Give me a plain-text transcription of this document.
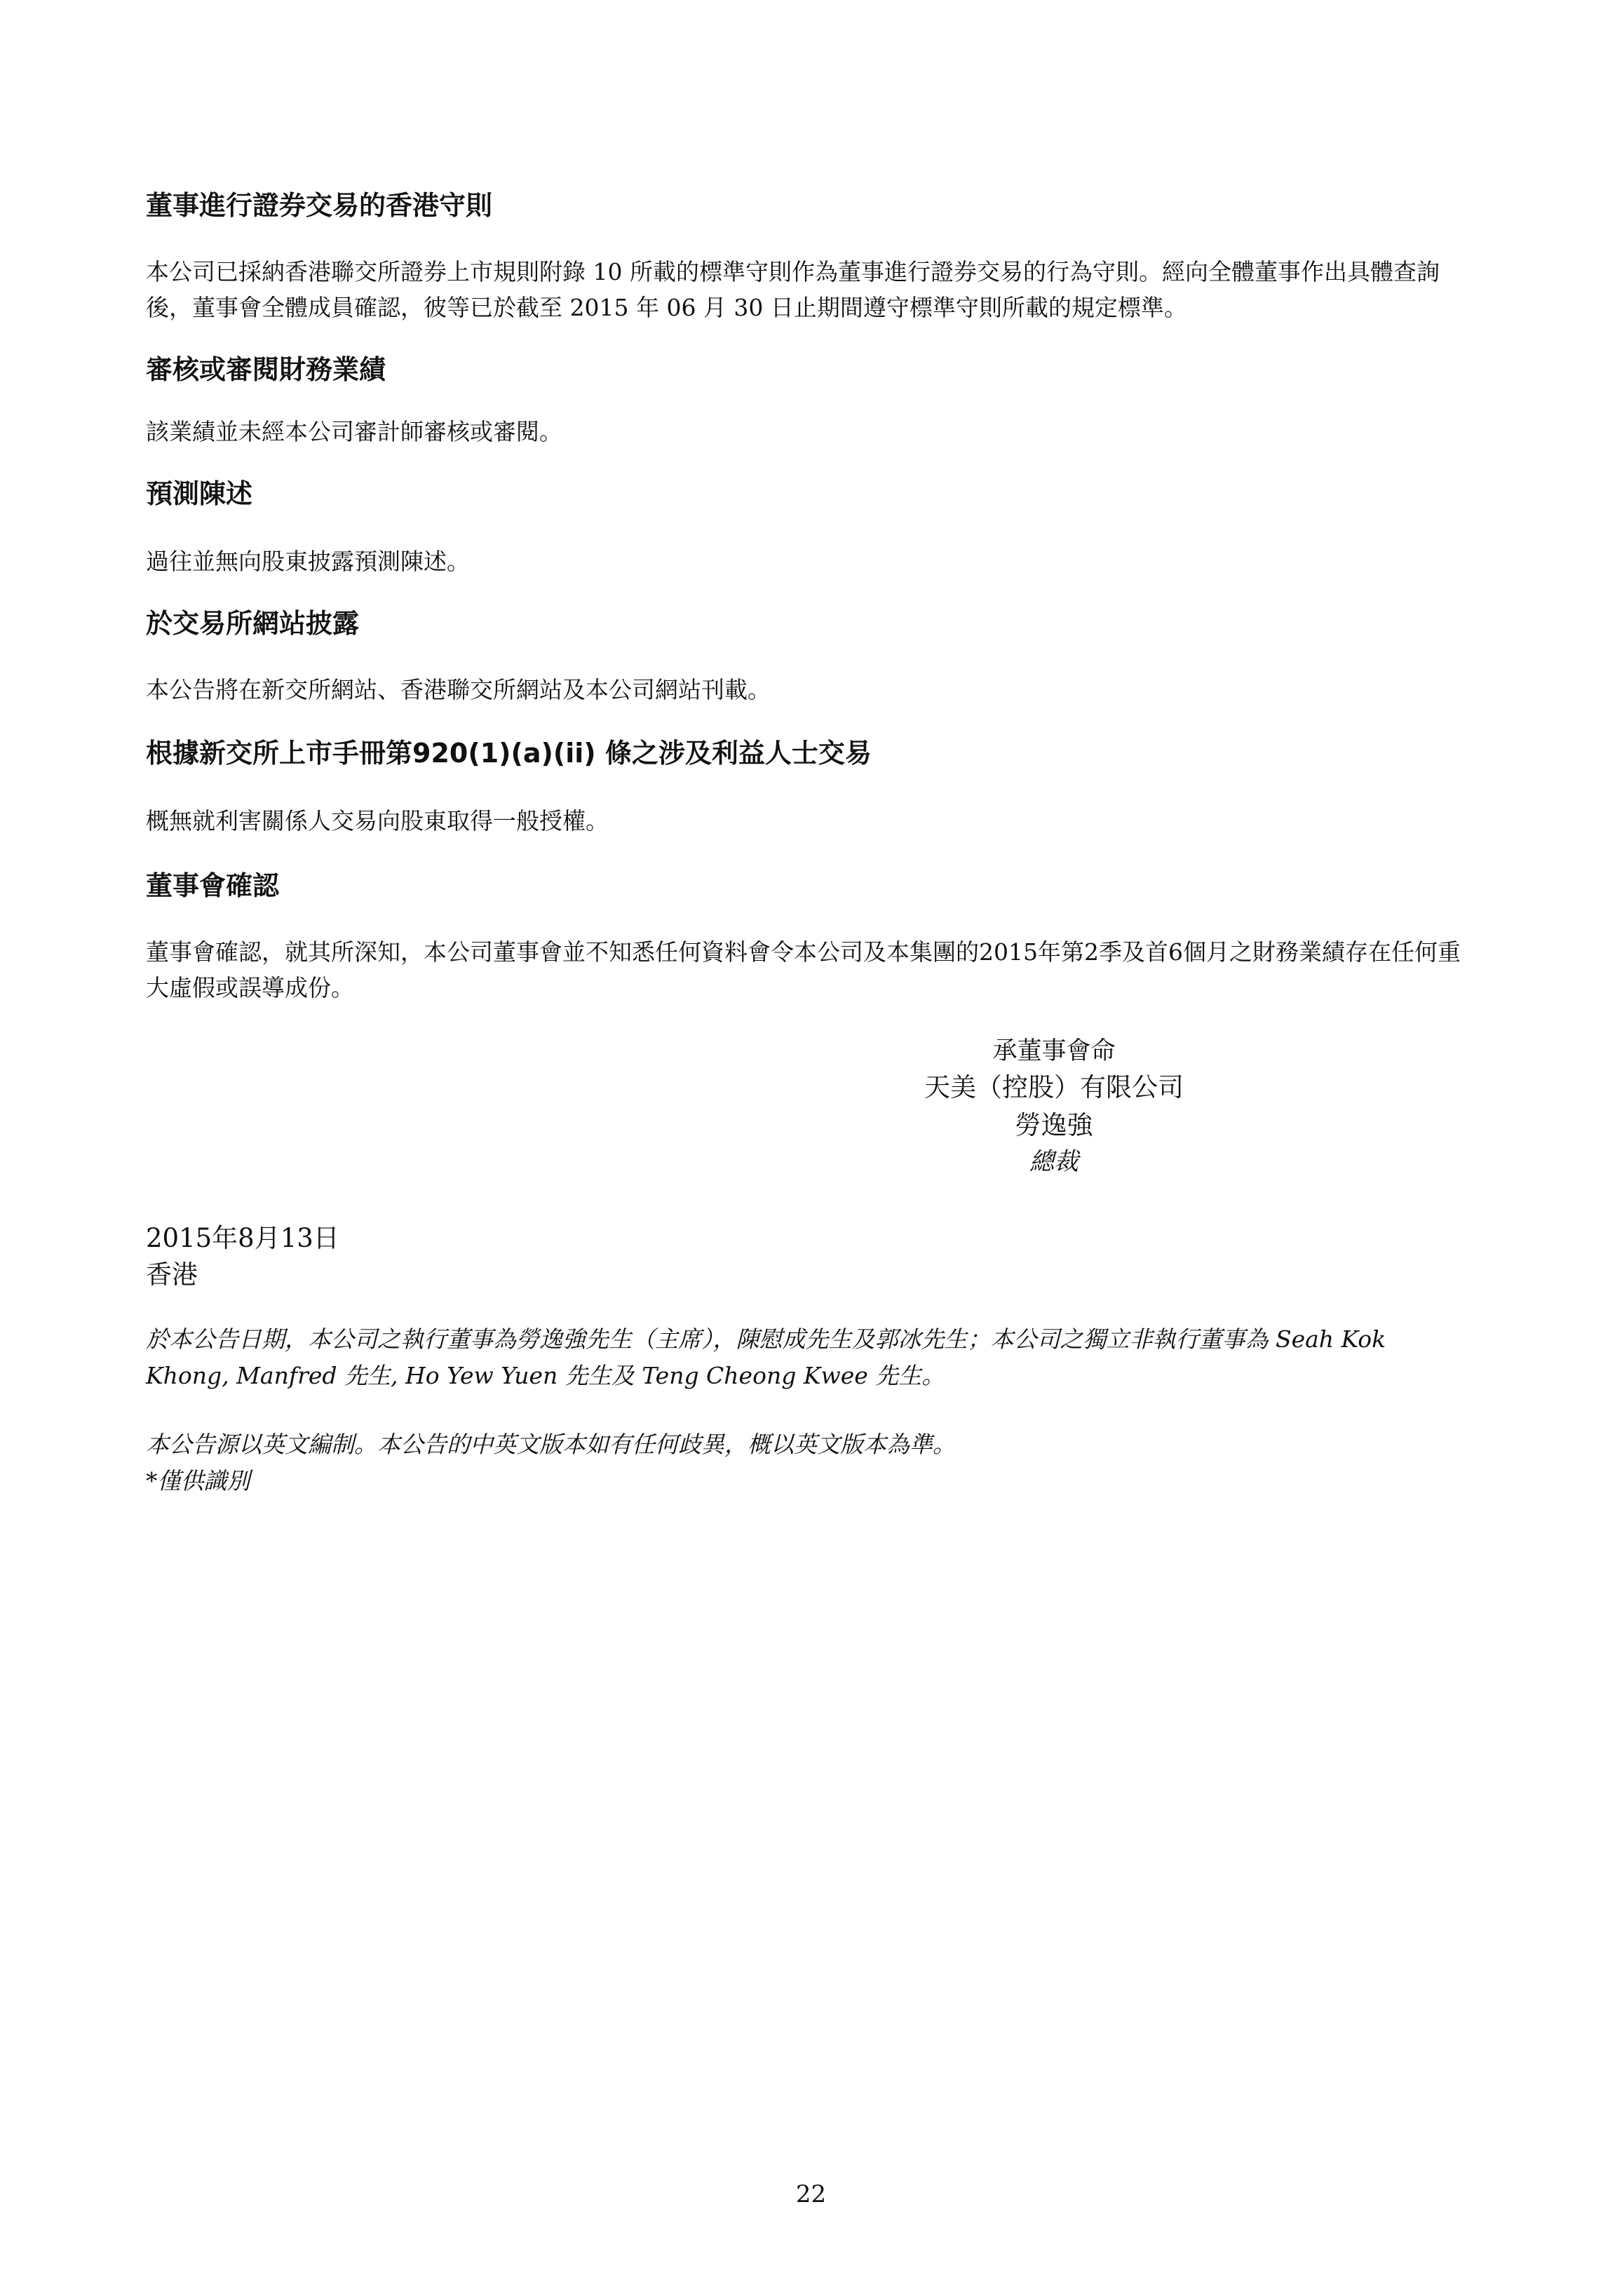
董事進行證券交易的香港守則

本公司已採納香港聯交所證券上市規則附錄 10 所載的標準守則作為董事進行證券交易的行為守則。經向全體董事作出具體查詢後，董事會全體成員確認，彼等已於截至 2015 年 06 月 30 日止期間遵守標準守則所載的規定標準。

審核或審閱財務業績

該業績並未經本公司審計師審核或審閱。

預測陳述

過往並無向股東披露預測陳述。

於交易所網站披露

本公告將在新交所網站、香港聯交所網站及本公司網站刊載。

根據新交所上市手冊第920(1)(a)(ii) 條之涉及利益人士交易

概無就利害關係人交易向股東取得一般授權。

董事會確認

董事會確認，就其所深知，本公司董事會並不知悉任何資料會令本公司及本集團的2015年第2季及首6個月之財務業績存在任何重大虛假或誤導成份。

承董事會命

天美（控股）有限公司

勞逸強

總裁

2015年8月13日

香港

於本公告日期，本公司之執行董事為勞逸強先生（主席），陳慰成先生及郭冰先生；本公司之獨立非執行董事為 Seah Kok Khong, Manfred 先生, Ho Yew Yuen 先生及 Teng Cheong Kwee 先生。

本公告源以英文編制。本公告的中英文版本如有任何歧異，概以英文版本為準。

*僅供識別

22
